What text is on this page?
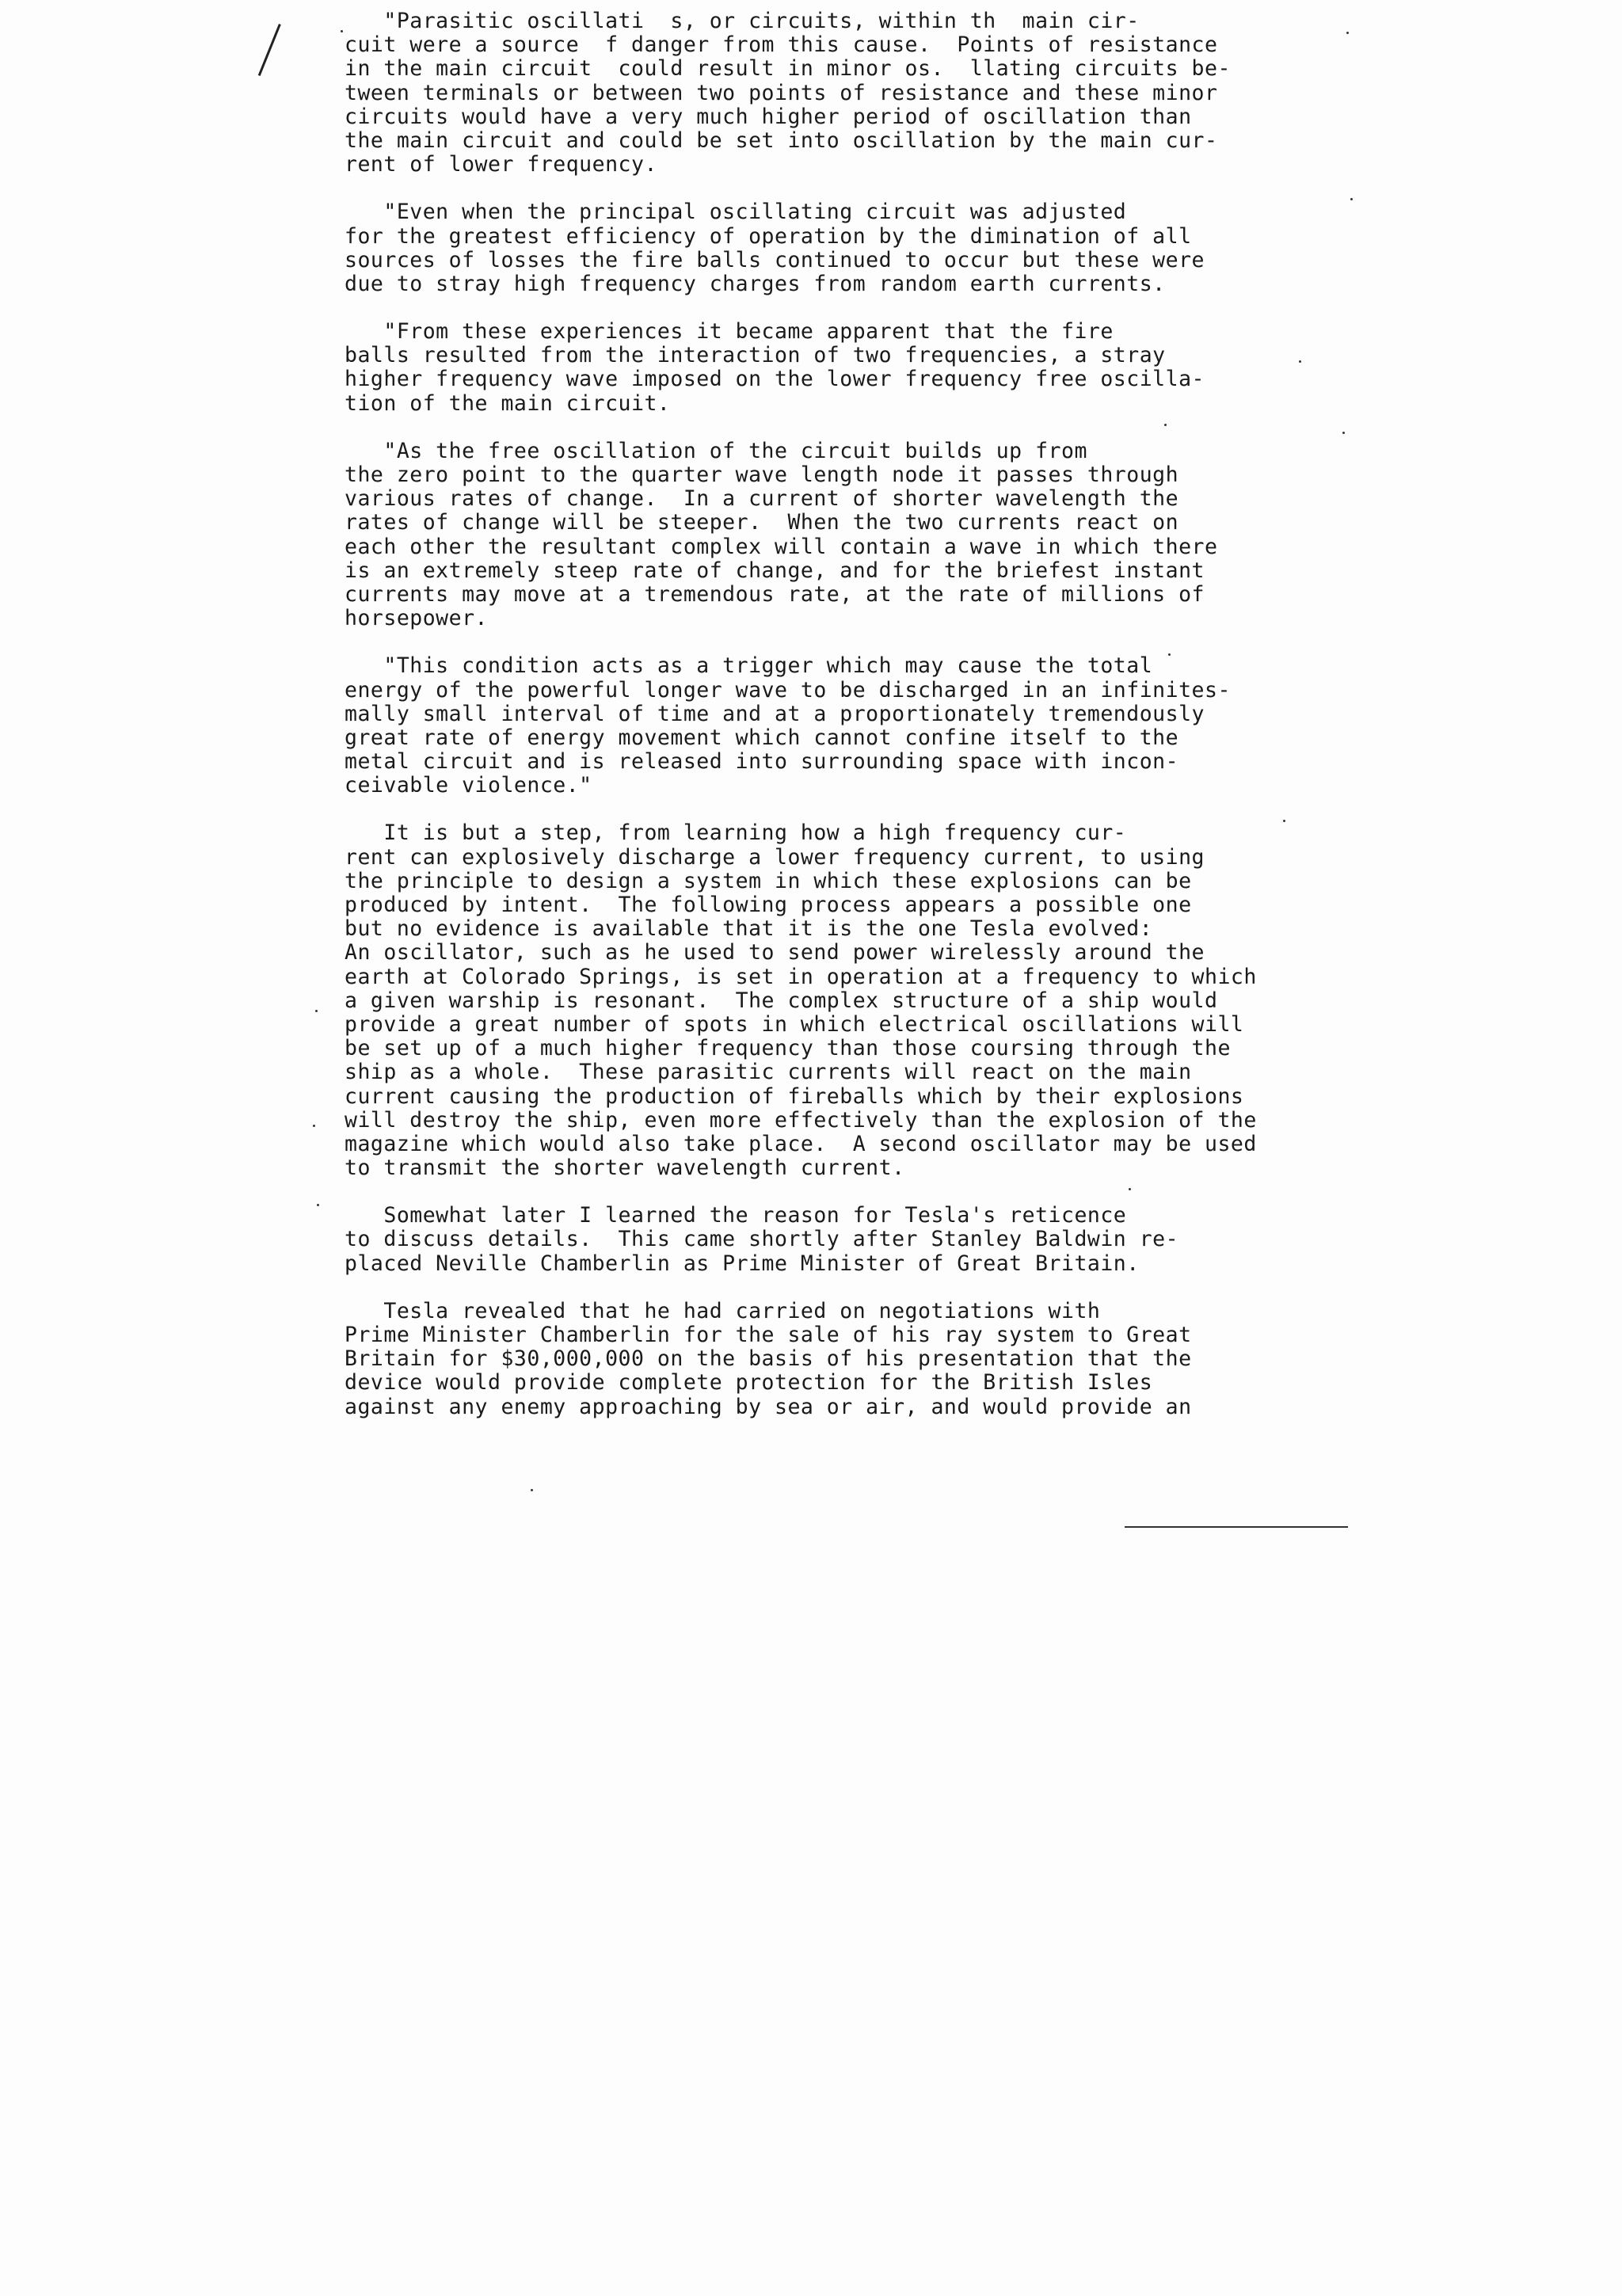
"Parasitic oscillati  s, or circuits, within th  main cir-
cuit were a source  f danger from this cause.  Points of resistance
in the main circuit  could result in minor os.  llating circuits be-
tween terminals or between two points of resistance and these minor
circuits would have a very much higher period of oscillation than
the main circuit and could be set into oscillation by the main cur-
rent of lower frequency.
"Even when the principal oscillating circuit was adjusted
for the greatest efficiency of operation by the dimination of all
sources of losses the fire balls continued to occur but these were
due to stray high frequency charges from random earth currents.
"From these experiences it became apparent that the fire
balls resulted from the interaction of two frequencies, a stray
higher frequency wave imposed on the lower frequency free oscilla-
tion of the main circuit.
"As the free oscillation of the circuit builds up from
the zero point to the quarter wave length node it passes through
various rates of change.  In a current of shorter wavelength the
rates of change will be steeper.  When the two currents react on
each other the resultant complex will contain a wave in which there
is an extremely steep rate of change, and for the briefest instant
currents may move at a tremendous rate, at the rate of millions of
horsepower.
"This condition acts as a trigger which may cause the total
energy of the powerful longer wave to be discharged in an infinites-
mally small interval of time and at a proportionately tremendously
great rate of energy movement which cannot confine itself to the
metal circuit and is released into surrounding space with incon-
ceivable violence."
It is but a step, from learning how a high frequency cur-
rent can explosively discharge a lower frequency current, to using
the principle to design a system in which these explosions can be
produced by intent.  The following process appears a possible one
but no evidence is available that it is the one Tesla evolved:
An oscillator, such as he used to send power wirelessly around the
earth at Colorado Springs, is set in operation at a frequency to which
a given warship is resonant.  The complex structure of a ship would
provide a great number of spots in which electrical oscillations will
be set up of a much higher frequency than those coursing through the
ship as a whole.  These parasitic currents will react on the main
current causing the production of fireballs which by their explosions
will destroy the ship, even more effectively than the explosion of the
magazine which would also take place.  A second oscillator may be used
to transmit the shorter wavelength current.
Somewhat later I learned the reason for Tesla's reticence
to discuss details.  This came shortly after Stanley Baldwin re-
placed Neville Chamberlin as Prime Minister of Great Britain.
Tesla revealed that he had carried on negotiations with
Prime Minister Chamberlin for the sale of his ray system to Great
Britain for $30,000,000 on the basis of his presentation that the
device would provide complete protection for the British Isles
against any enemy approaching by sea or air, and would provide an
